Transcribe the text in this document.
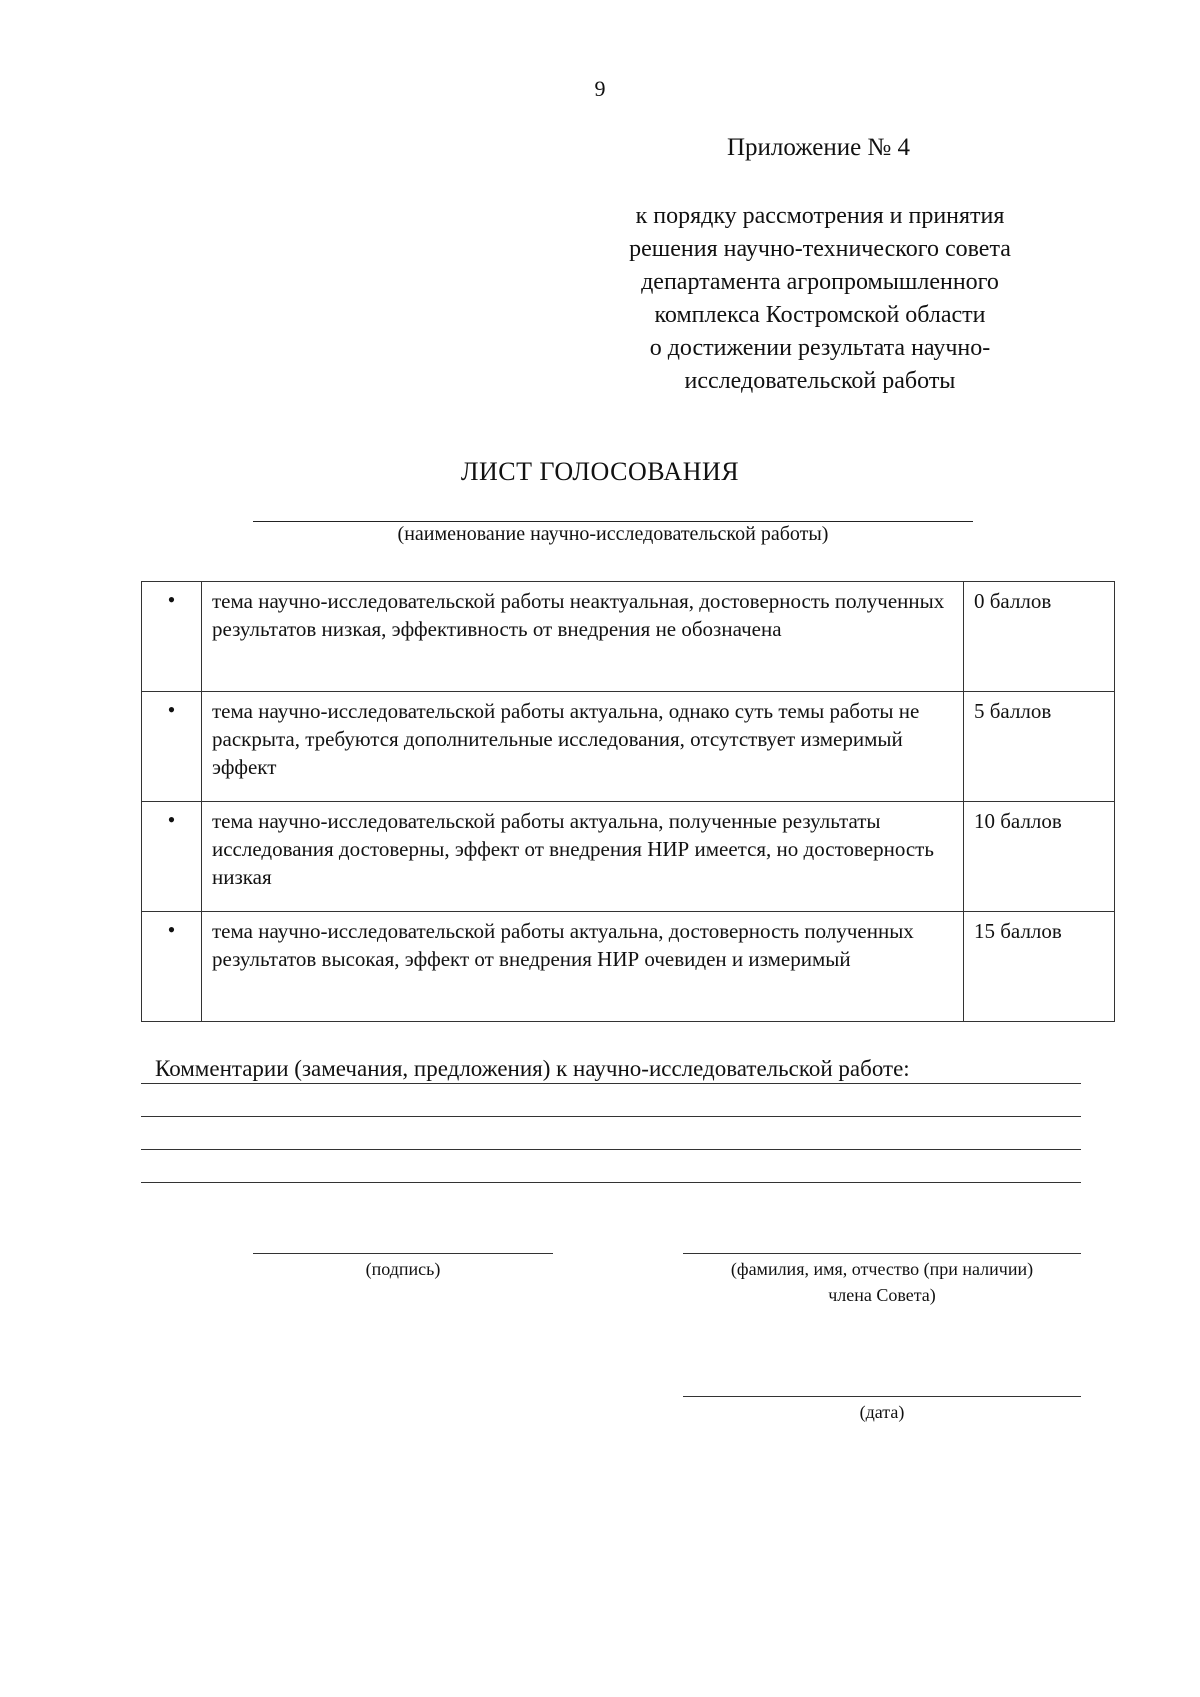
9
Приложение № 4
к порядку рассмотрения и принятия
решения научно-технического совета
департамента агропромышленного
комплекса Костромской области
о достижении результата научно-
исследовательской работы
ЛИСТ ГОЛОСОВАНИЯ
(наименование научно-исследовательской работы)
•	тема научно-исследовательской работы неактуальная, достоверность полученных результатов низкая, эффективность от внедрения не обозначена	0 баллов
•	тема научно-исследовательской работы актуальна, однако суть темы работы не раскрыта, требуются дополнительные исследования, отсутствует измеримый эффект	5 баллов
•	тема научно-исследовательской работы актуальна, полученные результаты исследования достоверны, эффект от внедрения НИР имеется, но достоверность низкая	10 баллов
•	тема научно-исследовательской работы актуальна, достоверность полученных результатов высокая, эффект от внедрения НИР очевиден и измеримый	15 баллов
Комментарии (замечания, предложения) к научно-исследовательской работе:
(подпись)	(фамилия, имя, отчество (при наличии)
члена Совета)
(дата)
